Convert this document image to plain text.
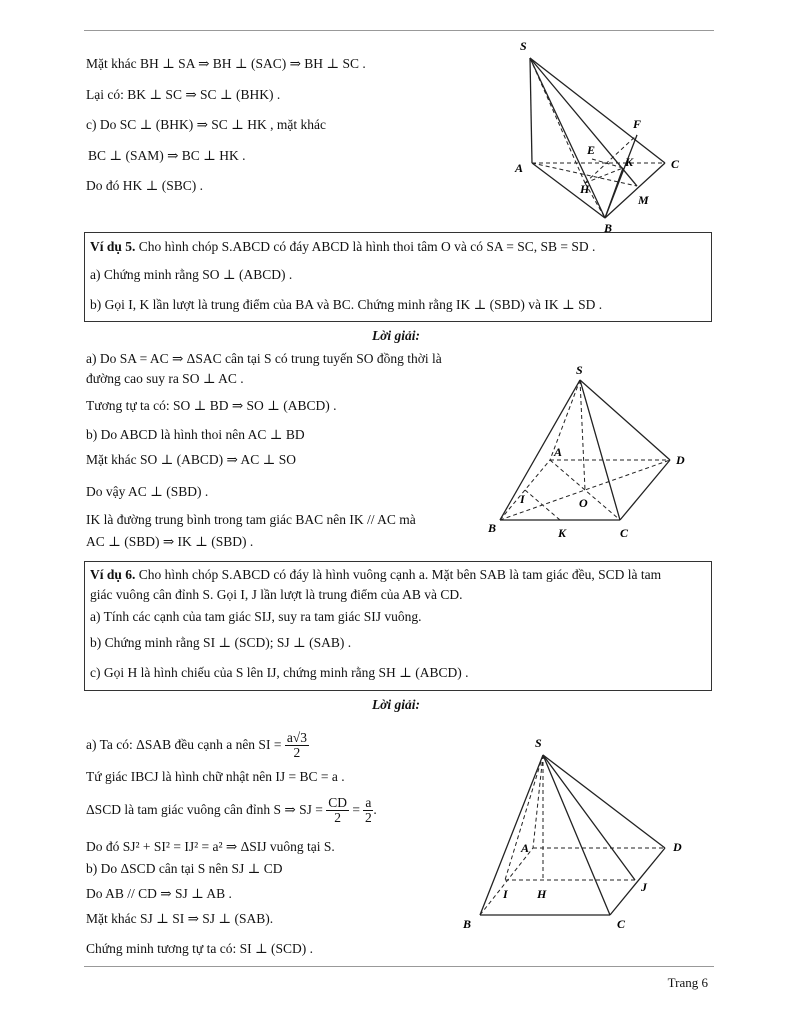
Mặt khác BH ⊥ SA ⇒ BH ⊥ (SAC) ⇒ BH ⊥ SC .
Lại có: BK ⊥ SC ⇒ SC ⊥ (BHK) .
c) Do SC ⊥ (BHK) ⇒ SC ⊥ HK , mặt khác
BC ⊥ (SAM) ⇒ BC ⊥ HK .
Do đó HK ⊥ (SBC) .
S
A
E
F
K	C
H
M
B
Ví dụ 5. Cho hình chóp S.ABCD có đáy ABCD là hình thoi tâm O và có SA = SC, SB = SD .
a) Chứng minh rằng SO ⊥ (ABCD) .
b) Gọi I, K lần lượt là trung điểm của BA và BC. Chứng minh rằng IK ⊥ (SBD) và IK ⊥ SD .
Lời giải:
a) Do SA = AC ⇒ ΔSAC cân tại S có trung tuyến SO đồng thời là
đường cao suy ra SO ⊥ AC .
Tương tự ta có: SO ⊥ BD ⇒ SO ⊥ (ABCD) .
b) Do ABCD là hình thoi nên AC ⊥ BD
Mặt khác SO ⊥ (ABCD) ⇒ AC ⊥ SO
Do vậy AC ⊥ (SBD) .
IK là đường trung bình trong tam giác BAC nên IK // AC mà
AC ⊥ (SBD) ⇒ IK ⊥ (SBD) .
S
A
D
I	O
B	K	C
Ví dụ 6. Cho hình chóp S.ABCD có đáy là hình vuông cạnh a. Mặt bên SAB là tam giác đều, SCD là tam
giác vuông cân đỉnh S. Gọi I, J lần lượt là trung điểm của AB và CD.
a) Tính các cạnh của tam giác SIJ, suy ra tam giác SIJ vuông.
b) Chứng minh rằng SI ⊥ (SCD); SJ ⊥ (SAB) .
c) Gọi H là hình chiếu của S lên IJ, chứng minh rằng SH ⊥ (ABCD) .
Lời giải:
a) Ta có: ΔSAB đều cạnh a nên SI = $\frac{a√3}{2}$
Tứ giác IBCJ là hình chữ nhật nên IJ = BC = a .
ΔSCD là tam giác vuông cân đỉnh S ⇒ SJ = $\frac{CD}{2} = \frac{a}{2}$ .
Do đó SJ² + SI² = IJ² = a² ⇒ ΔSIJ vuông tại S.
b) Do ΔSCD cân tại S nên SJ ⊥ CD
Do AB // CD ⇒ SJ ⊥ AB .
Mặt khác SJ ⊥ SI ⇒ SJ ⊥ (SAB).
Chứng minh tương tự ta có: SI ⊥ (SCD) .
S
A	D
I H	J
B	C
Trang 6
